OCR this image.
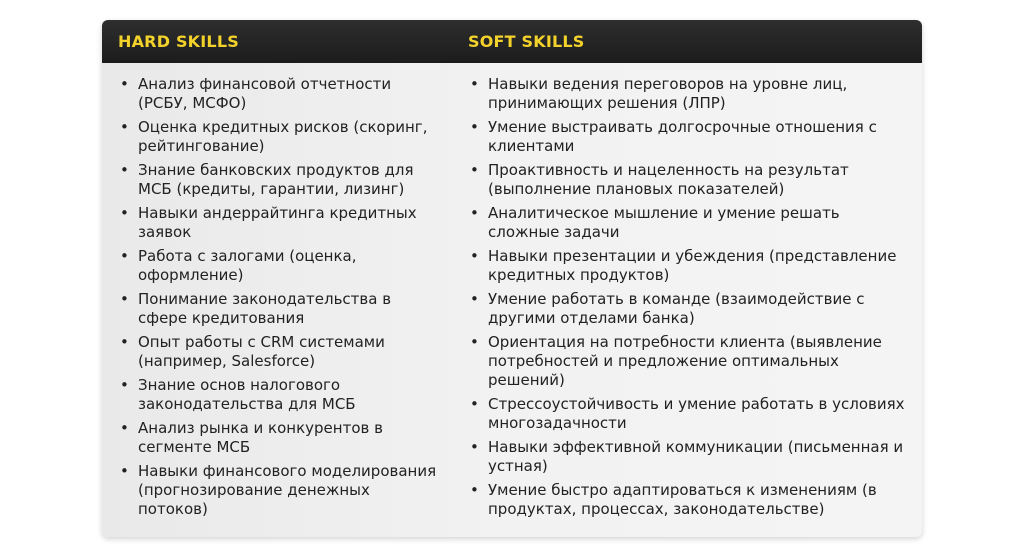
HARD SKILLS	SOFT SKILLS
• Анализ финансовой отчетности (РСБУ, МСФО)
• Оценка кредитных рисков (скоринг, рейтингование)
• Знание банковских продуктов для МСБ (кредиты, гарантии, лизинг)
• Навыки андеррайтинга кредитных заявок
• Работа с залогами (оценка, оформление)
• Понимание законодательства в сфере кредитования
• Опыт работы с CRM системами (например, Salesforce)
• Знание основ налогового законодательства для МСБ
• Анализ рынка и конкурентов в сегменте МСБ
• Навыки финансового моделирования (прогнозирование денежных потоков)
• Навыки ведения переговоров на уровне лиц, принимающих решения (ЛПР)
• Умение выстраивать долгосрочные отношения с клиентами
• Проактивность и нацеленность на результат (выполнение плановых показателей)
• Аналитическое мышление и умение решать сложные задачи
• Навыки презентации и убеждения (представление кредитных продуктов)
• Умение работать в команде (взаимодействие с другими отделами банка)
• Ориентация на потребности клиента (выявление потребностей и предложение оптимальных решений)
• Стрессоустойчивость и умение работать в условиях многозадачности
• Навыки эффективной коммуникации (письменная и устная)
• Умение быстро адаптироваться к изменениям (в продуктах, процессах, законодательстве)
